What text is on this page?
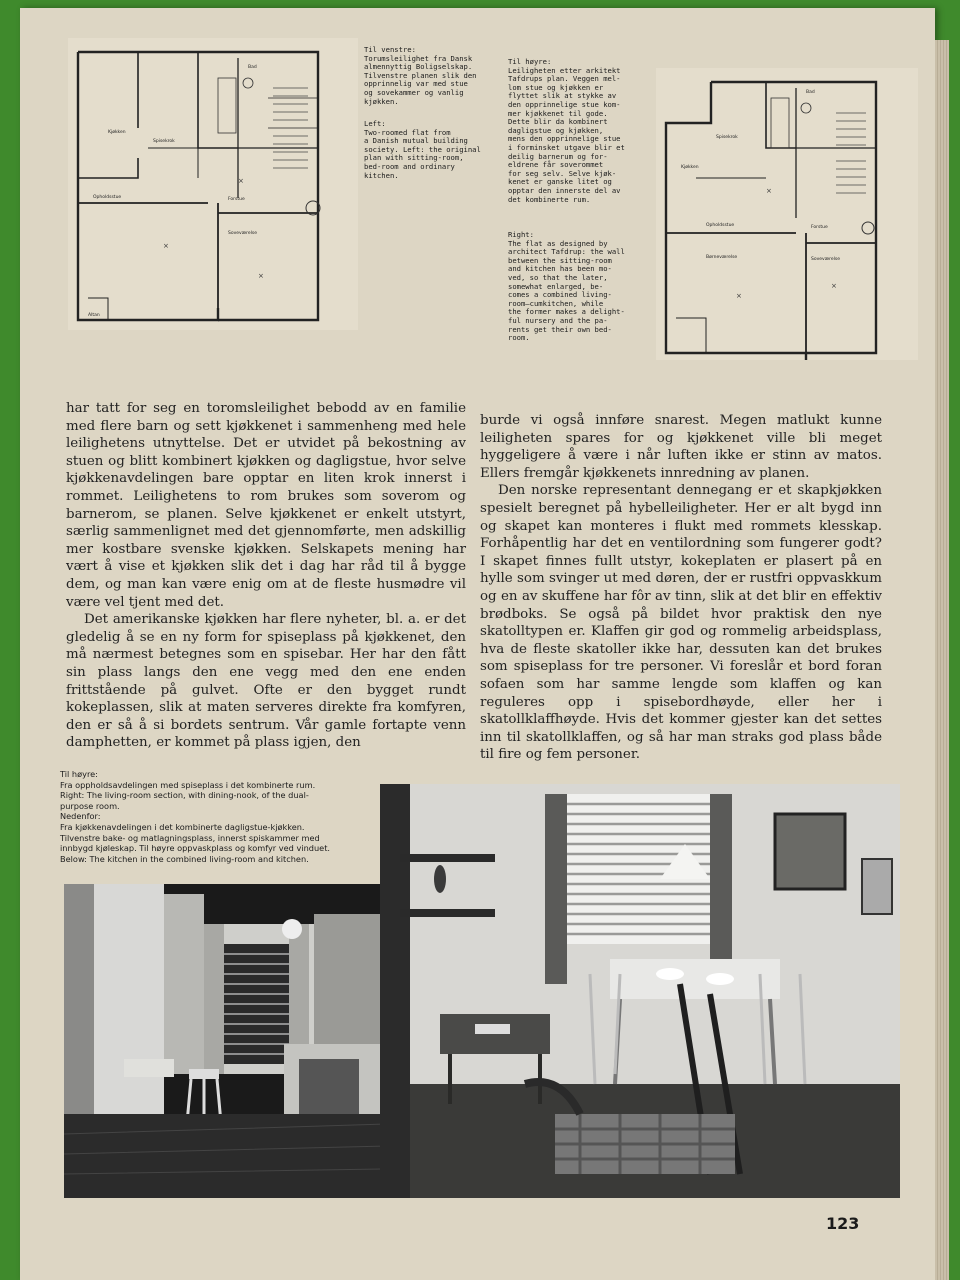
Bad
Spisekrok
Kjøkken
Opholdsstue	Forstue
Soveværelse
Altan
×
×
×
Til venstre:
Torumsleilighet fra Dansk
almennyttig Boligselskap.
Tilvenstre planen slik den
opprinnelig var med stue
og sovekammer og vanlig
kjøkken.
Left:
Two-roomed flat from
a Danish mutual building
society. Left: the original
plan with sitting-room,
bed-room and ordinary
kitchen.
Til høyre:
Leiligheten etter arkitekt
Tafdrups plan. Veggen mel-
lom stue og kjøkken er
flyttet slik at stykke av
den opprinnelige stue kom-
mer kjøkkenet til gode.
Dette blir da kombinert
dagligstue og kjøkken,
mens den opprinnelige stue
i forminsket utgave blir et
deilig barnerum og for-
eldrene får soverommet
for seg selv. Selve kjøk-
kenet er ganske litet og
opptar den innerste del av
det kombinerte rum.
Right:
The flat as designed by
architect Tafdrup: the wall
between the sitting-room
and kitchen has been mo-
ved, so that the later,
somewhat enlarged, be-
comes a combined living-
room—cumkitchen, while
the former makes a delight-
ful nursery and the pa-
rents get their own bed-
room.
Bad
Spisekrok
Kjøkken
Opholdsstue	Forstue
Børneværelse	Soveværelse
×
×
×

har tatt for seg en toromsleilighet bebodd av en familie med flere barn og sett kjøkkenet i sammenheng med hele leilighetens utnyttelse. Det er utvidet på bekostning av stuen og blitt kombinert kjøkken og dagligstue, hvor selve kjøkkenavdelingen bare opptar en liten krok innerst i rommet. Leilighetens to rom brukes som soverom og barnerom, se planen. Selve kjøkkenet er enkelt utstyrt, særlig sammenlignet med det gjennomførte, men adskillig mer kostbare svenske kjøkken. Selskapets mening har vært å vise et kjøkken slik det i dag har råd til å bygge dem, og man kan være enig om at de fleste husmødre vil være vel tjent med det.

Det amerikanske kjøkken har flere nyheter, bl. a. er det gledelig å se en ny form for spiseplass på kjøkkenet, den må nærmest betegnes som en spisebar. Her har den fått sin plass langs den ene vegg med den ene enden frittstående på gulvet. Ofte er den bygget rundt kokeplassen, slik at maten serveres direkte fra komfyren, den er så å si bordets sentrum. Vår gamle fortapte venn damphetten, er kommet på plass igjen, den

burde vi også innføre snarest. Megen matlukt kunne leiligheten spares for og kjøkkenet ville bli meget hyggeligere å være i når luften ikke er stinn av matos. Ellers fremgår kjøkkenets innredning av planen.

Den norske representant dennegang er et skapkjøkken spesielt beregnet på hybelleiligheter. Her er alt bygd inn og skapet kan monteres i flukt med rommets klesskap. Forhåpentlig har det en ventilordning som fungerer godt? I skapet finnes fullt utstyr, kokeplaten er plasert på en hylle som svinger ut med døren, der er rustfri oppvaskkum og en av skuffene har fôr av tinn, slik at det blir en effektiv brødboks. Se også på bildet hvor praktisk den nye skatolltypen er. Klaffen gir god og rommelig arbeidsplass, hva de fleste skatoller ikke har, dessuten kan det brukes som spiseplass for tre personer. Vi foreslår et bord foran sofaen som har samme lengde som klaffen og kan reguleres opp i spisebordhøyde, eller her i skatollklaffhøyde. Hvis det kommer gjester kan det settes inn til skatollklaffen, og så har man straks god plass både til fire og fem personer.

Til høyre:
Fra oppholdsavdelingen med spiseplass i det kombinerte rum.
Right: The living-room section, with dining-nook, of the dual-
purpose room.
Nedenfor:
Fra kjøkkenavdelingen i det kombinerte dagligstue-kjøkken.
Tilvenstre bake- og matlagningsplass, innerst spiskammer med
innbygd kjøleskap. Til høyre oppvaskplass og komfyr ved vinduet.
Below: The kitchen in the combined living-room and kitchen.
123
